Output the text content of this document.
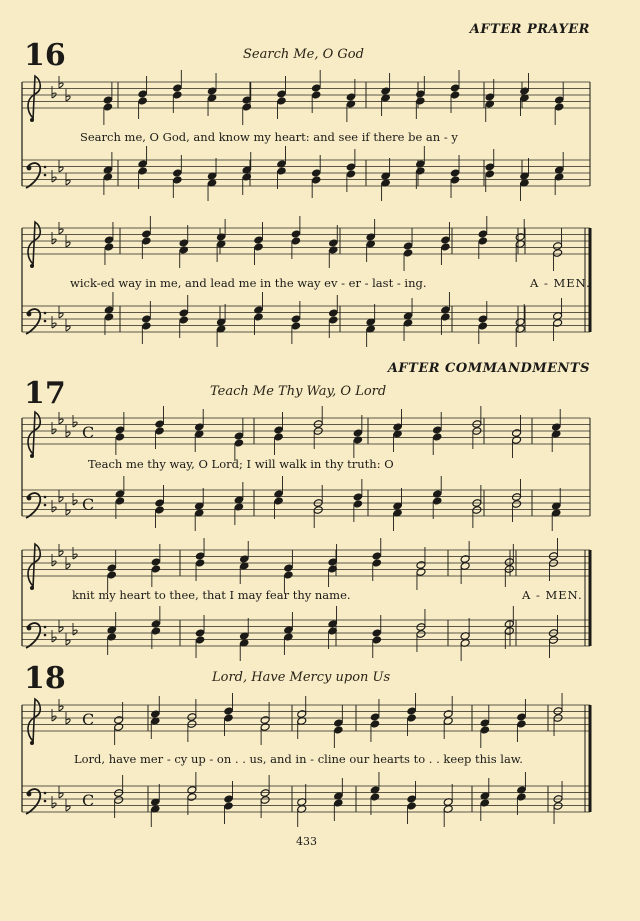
AFTER PRAYER
AFTER COMMANDMENTS
16	Search Me, O God
17	Teach Me Thy Way, O Lord
18	Lord, Have Mercy upon Us
C
C
C
C
Search me, O God, and know my heart: and see if there be an - y
wick-ed way in me, and lead me in the way ev - er - last - ing.	A - MEN.
Teach me thy way, O Lord; I will walk in thy truth: O
knit my heart to thee, that I may fear thy name.	A - MEN.
Lord, have mer - cy up - on . . us, and in - cline our hearts to . . keep this law.
433
